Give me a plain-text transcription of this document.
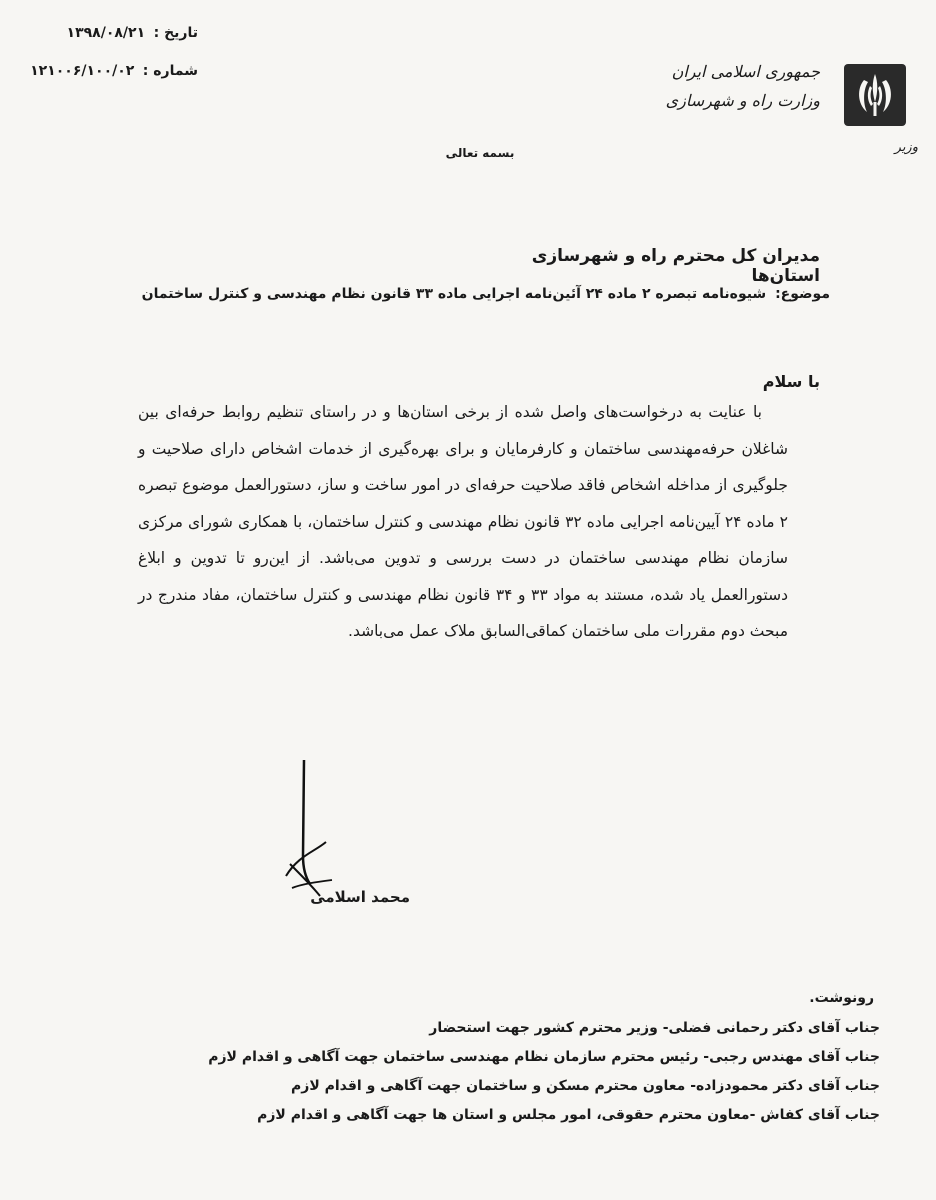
تاریخ : ۱۳۹۸/۰۸/۲۱
شماره : ۱۲۱۰۰۶/۱۰۰/۰۲	جمهوری اسلامی ایران
وزارت راه و شهرسازی
وزیر
بسمه تعالی
مدیران کل محترم راه و شهرسازی استان‌ها
موضوع: شیوه‌نامه تبصره ۲ ماده ۲۴ آئین‌نامه اجرایی ماده ۳۳ قانون نظام مهندسی و کنترل ساختمان
با سلام
با عنایت به درخواست‌های واصل شده از برخی استان‌ها و در راستای تنظیم روابط حرفه‌ای بین شاغلان حرفه‌مهندسی ساختمان و کارفرمایان و برای بهره‌گیری از خدمات اشخاص دارای صلاحیت و جلوگیری از مداخله اشخاص فاقد صلاحیت حرفه‌ای در امور ساخت و ساز، دستورالعمل موضوع تبصره ۲ ماده ۲۴ آیین‌نامه اجرایی ماده ۳۲ قانون نظام مهندسی و کنترل ساختمان، با همکاری شورای مرکزی سازمان نظام مهندسی ساختمان در دست بررسی و تدوین می‌باشد. از این‌رو تا تدوین و ابلاغ دستورالعمل یاد شده، مستند به مواد ۳۳ و ۳۴ قانون نظام مهندسی و کنترل ساختمان، مفاد مندرج در مبحث دوم مقررات ملی ساختمان کماقی‌السابق ملاک عمل می‌باشد.
محمد اسلامی
رونوشت.
جناب آقای دکتر رحمانی فضلی- وزیر محترم کشور جهت استحضار
جناب آقای مهندس رجبی- رئیس محترم سازمان نظام مهندسی ساختمان جهت آگاهی و اقدام لازم
جناب آقای دکتر محمودزاده- معاون محترم مسکن و ساختمان جهت آگاهی و اقدام لازم
جناب آقای کفاش -معاون محترم حقوقی، امور مجلس و استان ها جهت آگاهی و اقدام لازم
